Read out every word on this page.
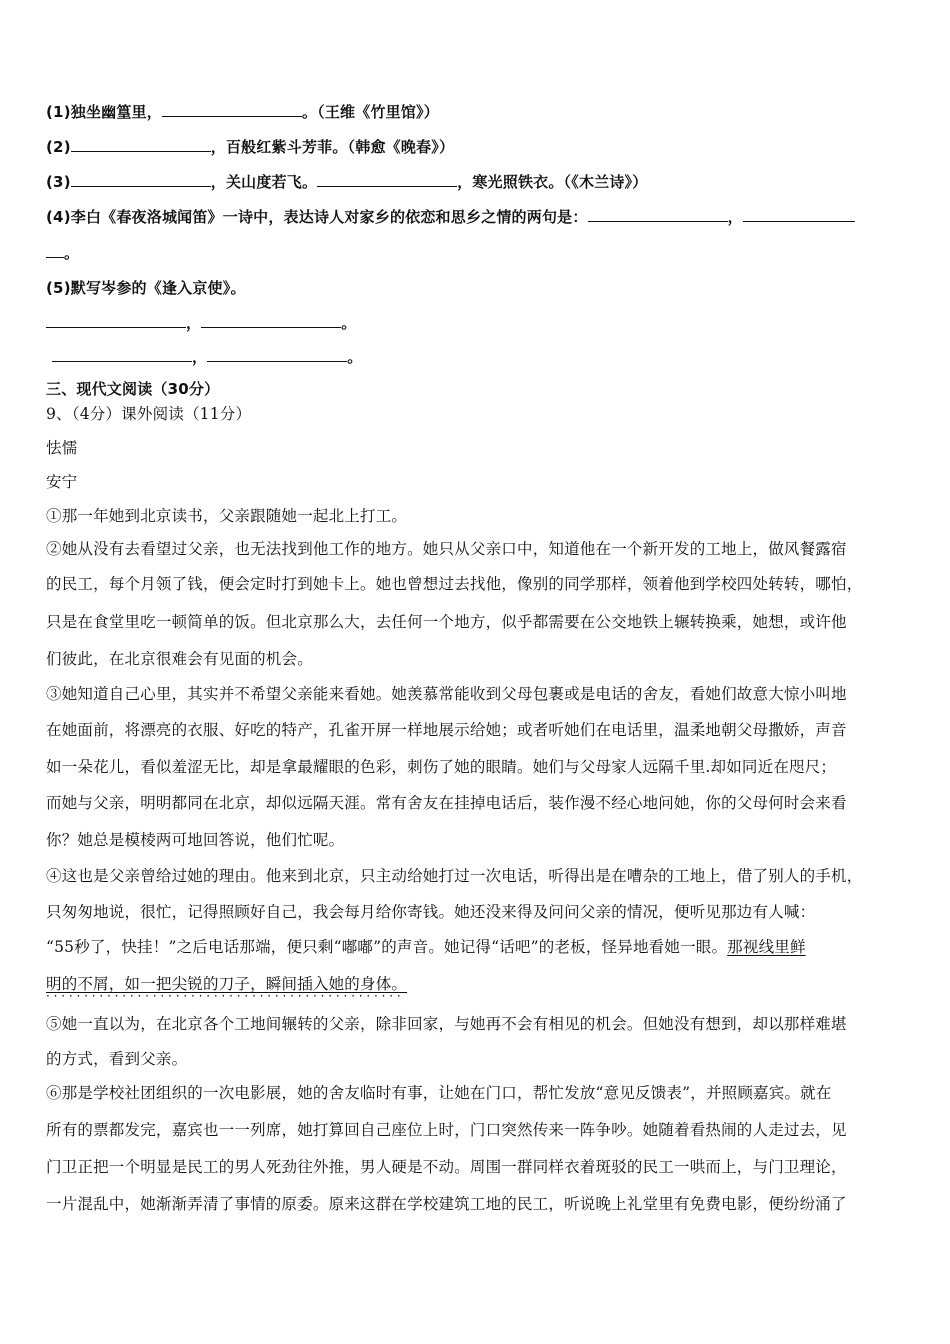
(1)独坐幽篁里，	。（王维《竹里馆》）
(2)	，百般红紫斗芳菲。（韩愈《晚春》）
(3)	，关山度若飞。	，寒光照铁衣。（《木兰诗》）
(4)李白《春夜洛城闻笛》一诗中，表达诗人对家乡的依恋和思乡之情的两句是：	，
。
(5)默写岑参的《逢入京使》。
，	。
，	。
三、现代文阅读（30分）
9、（4分）课外阅读（11分）
怯懦
安宁
①那一年她到北京读书，父亲跟随她一起北上打工。
②她从没有去看望过父亲，也无法找到他工作的地方。她只从父亲口中，知道他在一个新开发的工地上，做风餐露宿
的民工，每个月领了钱，便会定时打到她卡上。她也曾想过去找他，像别的同学那样，领着他到学校四处转转，哪怕，
只是在食堂里吃一顿简单的饭。但北京那么大，去任何一个地方，似乎都需要在公交地铁上辗转换乘，她想，或许他
们彼此，在北京很难会有见面的机会。
③她知道自己心里，其实并不希望父亲能来看她。她羡慕常能收到父母包裹或是电话的舍友，看她们故意大惊小叫地
在她面前，将漂亮的衣服、好吃的特产，孔雀开屏一样地展示给她；或者听她们在电话里，温柔地朝父母撒娇，声音
如一朵花儿，看似羞涩无比，却是拿最耀眼的色彩，刺伤了她的眼睛。她们与父母家人远隔千里.却如同近在咫尺；
而她与父亲，明明都同在北京，却似远隔天涯。常有舍友在挂掉电话后，装作漫不经心地问她，你的父母何时会来看
你？她总是模棱两可地回答说，他们忙呢。
④这也是父亲曾给过她的理由。他来到北京，只主动给她打过一次电话，听得出是在嘈杂的工地上，借了别人的手机，
只匆匆地说，很忙，记得照顾好自己，我会每月给你寄钱。她还没来得及问问父亲的情况，便听见那边有人喊：
“55秒了，快挂！”之后电话那端，便只剩“嘟嘟”的声音。她记得“话吧”的老板，怪异地看她一眼。那视线里鲜
明的不屑，如一把尖锐的刀子，瞬间插入她的身体。
· · · · · · · · · · · · · · · · · · · · · · · · · · · · · · · · · · · · · · · · · · · · · · ·
⑤她一直以为，在北京各个工地间辗转的父亲，除非回家，与她再不会有相见的机会。但她没有想到，却以那样难堪
的方式，看到父亲。
⑥那是学校社团组织的一次电影展，她的舍友临时有事，让她在门口，帮忙发放“意见反馈表”，并照顾嘉宾。就在
所有的票都发完，嘉宾也一一列席，她打算回自己座位上时，门口突然传来一阵争吵。她随着看热闹的人走过去，见
门卫正把一个明显是民工的男人死劲往外推，男人硬是不动。周围一群同样衣着斑驳的民工一哄而上，与门卫理论，
一片混乱中，她渐渐弄清了事情的原委。原来这群在学校建筑工地的民工，听说晚上礼堂里有免费电影，便纷纷涌了
